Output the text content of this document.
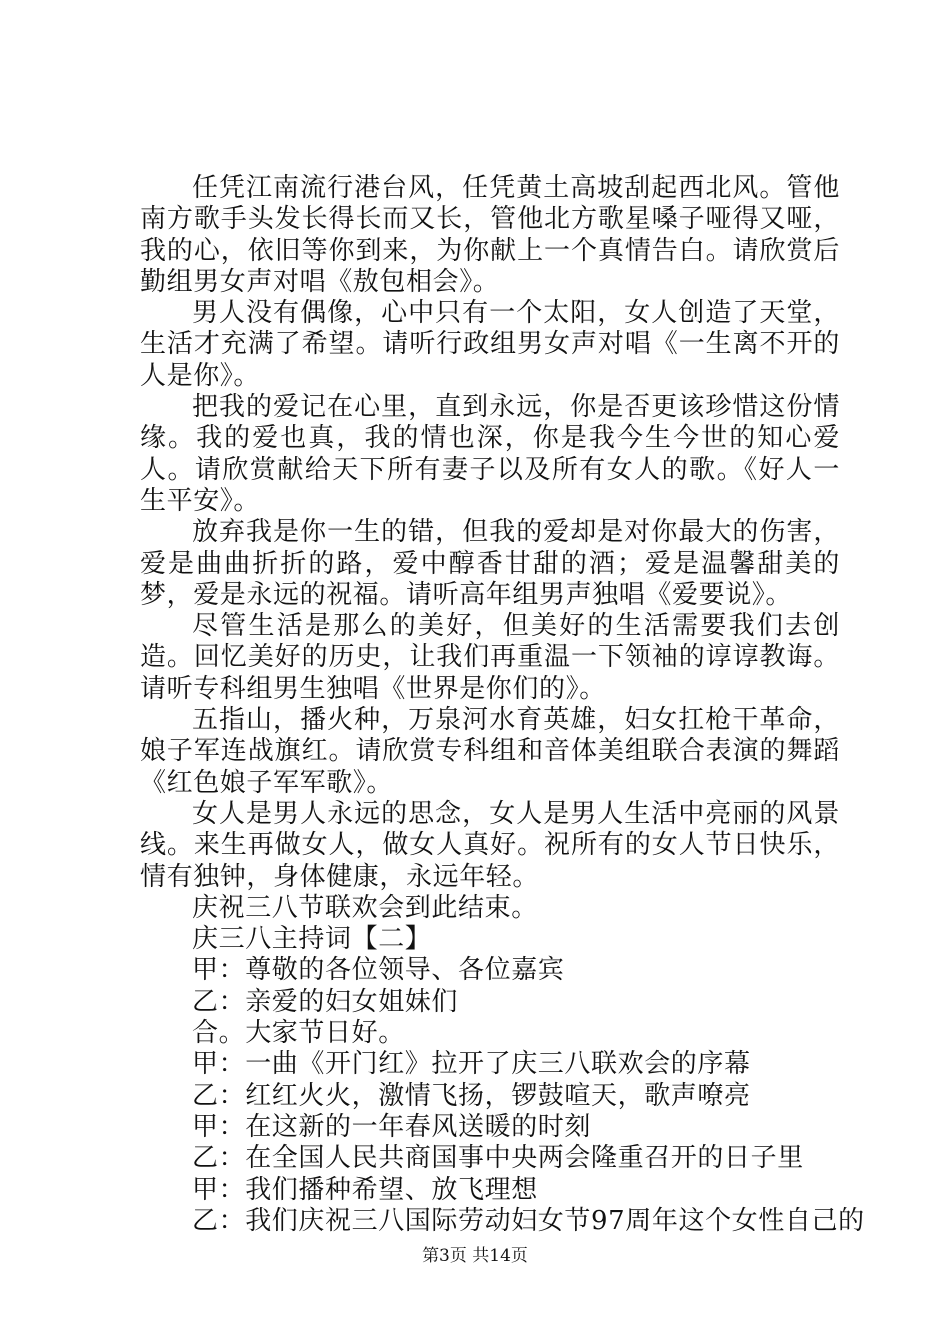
任凭江南流行港台风，任凭黄土高坡刮起西北风。管他南方歌手头发长得长而又长，管他北方歌星嗓子哑得又哑，我的心，依旧等你到来，为你献上一个真情告白。请欣赏后勤组男女声对唱《敖包相会》。

男人没有偶像，心中只有一个太阳，女人创造了天堂，生活才充满了希望。请听行政组男女声对唱《一生离不开的人是你》。

把我的爱记在心里，直到永远，你是否更该珍惜这份情缘。我的爱也真，我的情也深，你是我今生今世的知心爱人。请欣赏献给天下所有妻子以及所有女人的歌。《好人一生平安》。

放弃我是你一生的错，但我的爱却是对你最大的伤害，爱是曲曲折折的路，爱中醇香甘甜的酒；爱是温馨甜美的梦，爱是永远的祝福。请听高年组男声独唱《爱要说》。

尽管生活是那么的美好，但美好的生活需要我们去创造。回忆美好的历史，让我们再重温一下领袖的谆谆教诲。请听专科组男生独唱《世界是你们的》。

五指山，播火种，万泉河水育英雄，妇女扛枪干革命，娘子军连战旗红。请欣赏专科组和音体美组联合表演的舞蹈《红色娘子军军歌》。

女人是男人永远的思念，女人是男人生活中亮丽的风景线。来生再做女人，做女人真好。祝所有的女人节日快乐，情有独钟，身体健康，永远年轻。

庆祝三八节联欢会到此结束。

庆三八主持词【二】

甲：尊敬的各位领导、各位嘉宾

乙：亲爱的妇女姐妹们

合。大家节日好。

甲：一曲《开门红》拉开了庆三八联欢会的序幕

乙：红红火火，激情飞扬，锣鼓喧天，歌声嘹亮

甲：在这新的一年春风送暖的时刻

乙：在全国人民共商国事中央两会隆重召开的日子里

甲：我们播种希望、放飞理想

乙：我们庆祝三八国际劳动妇女节97周年这个女性自己的

第3页 共14页
